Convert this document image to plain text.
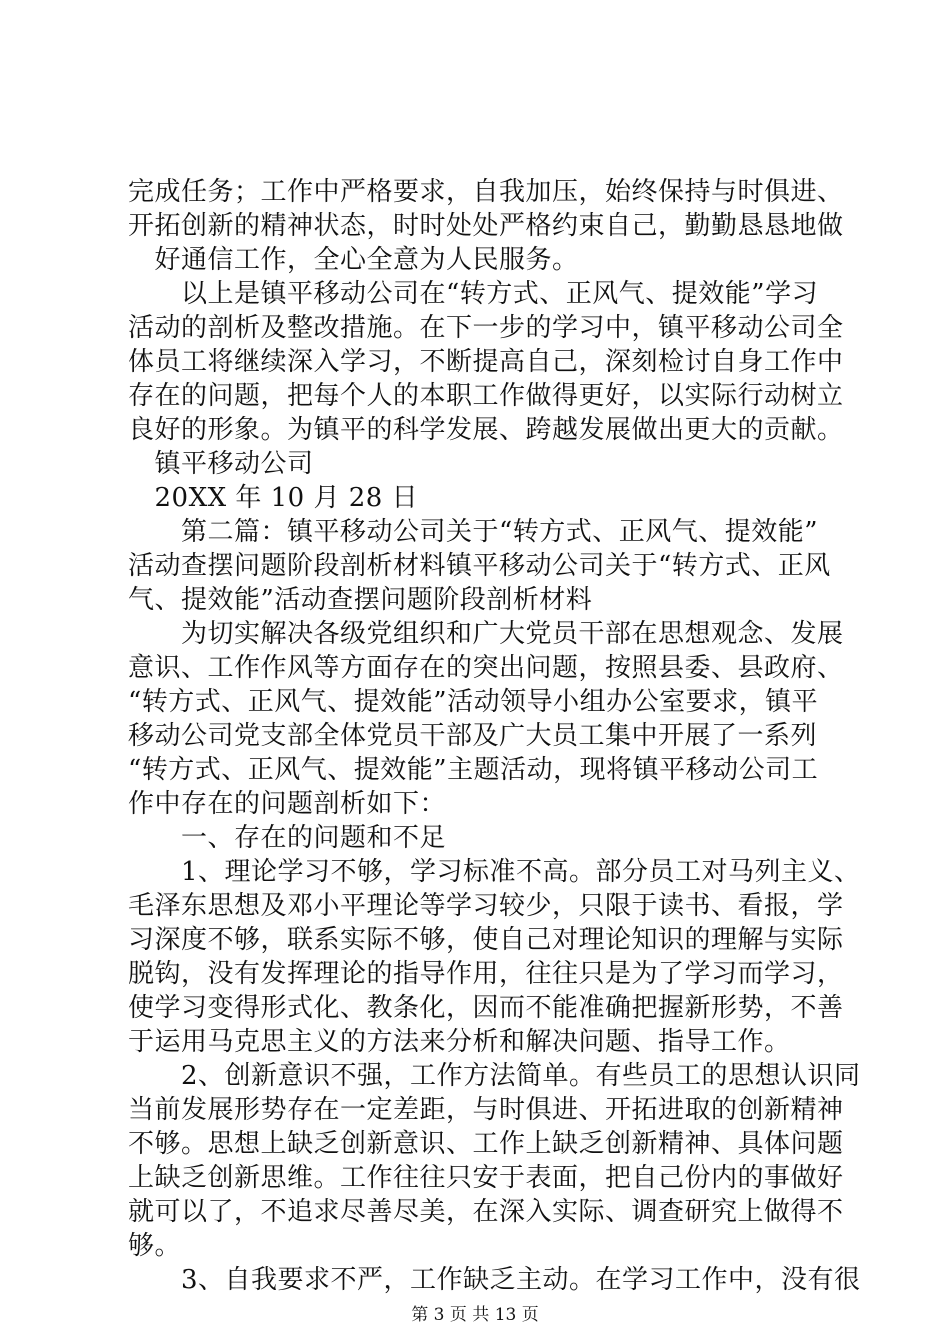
完成任务；工作中严格要求，自我加压，始终保持与时俱进、
开拓创新的精神状态，时时处处严格约束自己，勤勤恳恳地做
　好通信工作，全心全意为人民服务。
　　以上是镇平移动公司在“转方式、正风气、提效能”学习
活动的剖析及整改措施。在下一步的学习中，镇平移动公司全
体员工将继续深入学习，不断提高自己，深刻检讨自身工作中
存在的问题，把每个人的本职工作做得更好，以实际行动树立
良好的形象。为镇平的科学发展、跨越发展做出更大的贡献。
　镇平移动公司
　20XX 年 10 月 28 日
　　第二篇：镇平移动公司关于“转方式、正风气、提效能”
活动查摆问题阶段剖析材料镇平移动公司关于“转方式、正风
气、提效能”活动查摆问题阶段剖析材料
　　为切实解决各级党组织和广大党员干部在思想观念、发展
意识、工作作风等方面存在的突出问题，按照县委、县政府、
“转方式、正风气、提效能”活动领导小组办公室要求，镇平
移动公司党支部全体党员干部及广大员工集中开展了一系列
“转方式、正风气、提效能”主题活动，现将镇平移动公司工
作中存在的问题剖析如下：
　　一、存在的问题和不足
　　1、理论学习不够，学习标准不高。部分员工对马列主义、
毛泽东思想及邓小平理论等学习较少，只限于读书、看报，学
习深度不够，联系实际不够，使自己对理论知识的理解与实际
脱钩，没有发挥理论的指导作用，往往只是为了学习而学习，
使学习变得形式化、教条化，因而不能准确把握新形势，不善
于运用马克思主义的方法来分析和解决问题、指导工作。
　　2、创新意识不强，工作方法简单。有些员工的思想认识同
当前发展形势存在一定差距，与时俱进、开拓进取的创新精神
不够。思想上缺乏创新意识、工作上缺乏创新精神、具体问题
上缺乏创新思维。工作往往只安于表面，把自己份内的事做好
就可以了，不追求尽善尽美，在深入实际、调查研究上做得不
够。
　　3、自我要求不严，工作缺乏主动。在学习工作中，没有很
第 3 页 共 13 页
